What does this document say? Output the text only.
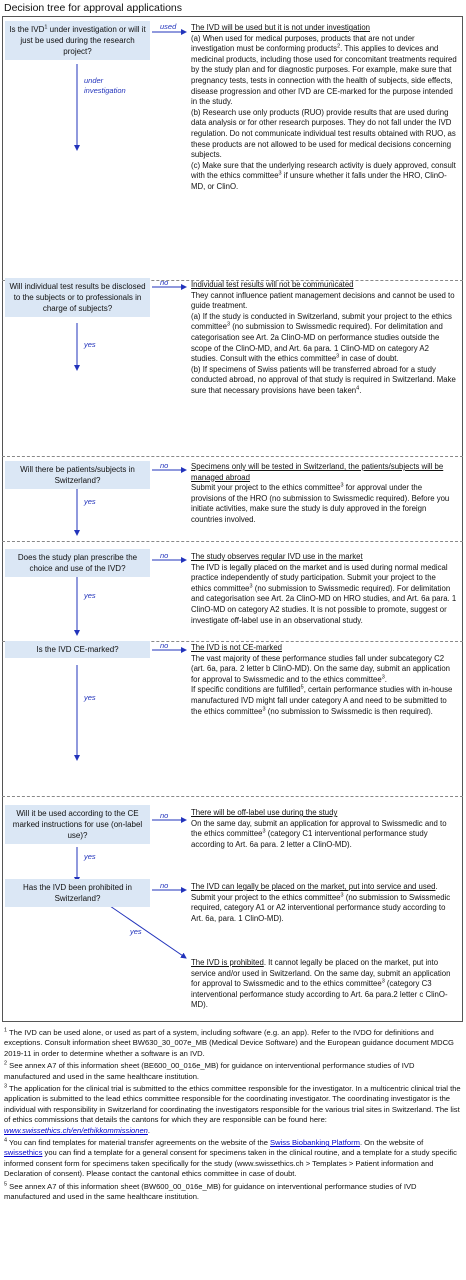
Decision tree for approval applications
used
under investigation
no
yes
no
yes
no
yes
no
yes
no
yes
no
yes
Is the IVD$^1$ under investigation or will it just be used during the research project?
Will individual test results be disclosed to the subjects or to professionals in charge of subjects?
Will there be patients/subjects in Switzerland?
Does the study plan prescribe the choice and use of the IVD?
Is the IVD CE-marked?
Will it be used according to the CE marked instructions for use (on-label use)?
Has the IVD been prohibited in Switzerland?

The IVD will be used but it is not under investigation

(a) When used for medical purposes, products that are not under investigation must be conforming products$^2$. This applies to devices and medicinal products, including those used for concomitant treatments required by the study plan and for diagnostic purposes. For example, make sure that pregnancy tests, tests in connection with the health of subjects, side effects, disease progression and other IVD are CE-marked for the purpose intended in the study.

(b) Research use only products (RUO) provide results that are used during data analysis or for other research purposes. They do not fall under the IVD regulation. Do not communicate individual test results obtained with RUO, as these products are not allowed to be used for medical decisions concerning subjects.

(c) Make sure that the underlying research activity is duely approved, consult with the ethics committee$^3$ if unsure whether it falls under the HRO, ClinO-MD, or ClinO.

Individual test results will not be communicated

They cannot influence patient management decisions and cannot be used to guide treatment.

(a) If the study is conducted in Switzerland, submit your project to the ethics committee$^3$ (no submission to Swissmedic required). For delimitation and categorisation see Art. 2a ClinO-MD on performance studies outside the scope of the ClinO-MD, and Art. 6a para. 1 ClinO-MD on category A2 studies. Consult with the ethics committee$^3$ in case of doubt.

(b) If specimens of Swiss patients will be transferred abroad for a study conducted abroad, no approval of that study is required in Switzerland. Make sure that necessary provisions have been taken$^4$.

Specimens only will be tested in Switzerland, the patients/subjects will be managed abroad

Submit your project to the ethics committee$^3$ for approval under the provisions of the HRO (no submission to Swissmedic required). Before you initiate activities, make sure the study is duly approved in the foreign countries involved.

The study observes regular IVD use in the market

The IVD is legally placed on the market and is used during normal medical practice independently of study participation. Submit your project to the ethics committee$^3$ (no submission to Swissmedic required). For delimitation and categorisation see Art. 2a ClinO-MD on HRO studies, and Art. 6a para. 1 ClinO-MD on category A2 studies. It is not possible to promote, suggest or investigate off-label use in an observational study.

The IVD is not CE-marked

The vast majority of these performance studies fall under subcategory C2 (art. 6a, para. 2 letter b ClinO-MD). On the same day, submit an application for approval to Swissmedic and to the ethics committee$^3$.

If specific conditions are fulfilled$^5$, certain performance studies with in-house manufactured IVD might fall under category A and need to be submitted to the ethics committee$^3$ (no submission to Swissmedic is then required).

There will be off-label use during the study

On the same day, submit an application for approval to Swissmedic and to the ethics committee$^3$ (category C1 interventional performance study according to Art. 6a para. 2 letter a ClinO-MD).

The IVD can legally be placed on the market, put into service and used. Submit your project to the ethics committee$^3$ (no submission to Swissmedic required, category A1 or A2 interventional performance study according to Art. 6a, para. 1 ClinO-MD).

The IVD is prohibited. It cannot legally be placed on the market, put into service and/or used in Switzerland. On the same day, submit an application for approval to Swissmedic and to the ethics committee$^3$ (category C3 interventional performance study according to Art. 6a para.2 letter c ClinO-MD).

$^1$ The IVD can be used alone, or used as part of a system, including software (e.g. an app). Refer to the IVDO for definitions and exceptions. Consult information sheet BW630_30_007e_MB (Medical Device Software) and the European guidance document MDCG 2019-11 in order to determine whether a software is an IVD.

$^2$ See annex A7 of this information sheet (BE600_00_016e_MB) for guidance on interventional performance studies of IVD manufactured and used in the same healthcare institution.

$^3$ The application for the clinical trial is submitted to the ethics committee responsible for the investigator. In a multicentric clinical trial the application is submitted to the lead ethics committee responsible for the coordinating investigator. The coordinating investigator is the individual with responsibility in Switzerland for coordinating the investigators responsible for the various trial sites in Switzerland. The list of ethics commissions that details the cantons for which they are responsible can be found here: www.swissethics.ch/en/ethikkommissionen.

$^4$ You can find templates for material transfer agreements on the website of the Swiss Biobanking Platform. On the website of swissethics you can find a template for a general consent for specimens taken in the clinical routine, and a template for a study specific informed consent form for specimens taken specifically for the study (www.swissethics.ch > Templates > Patient information and Declaration of consent). Please contact the cantonal ethics committee in case of doubt.

$^5$ See annex A7 of this information sheet (BW600_00_016e_MB) for guidance on interventional performance studies of IVD manufactured and used in the same healthcare institution.
